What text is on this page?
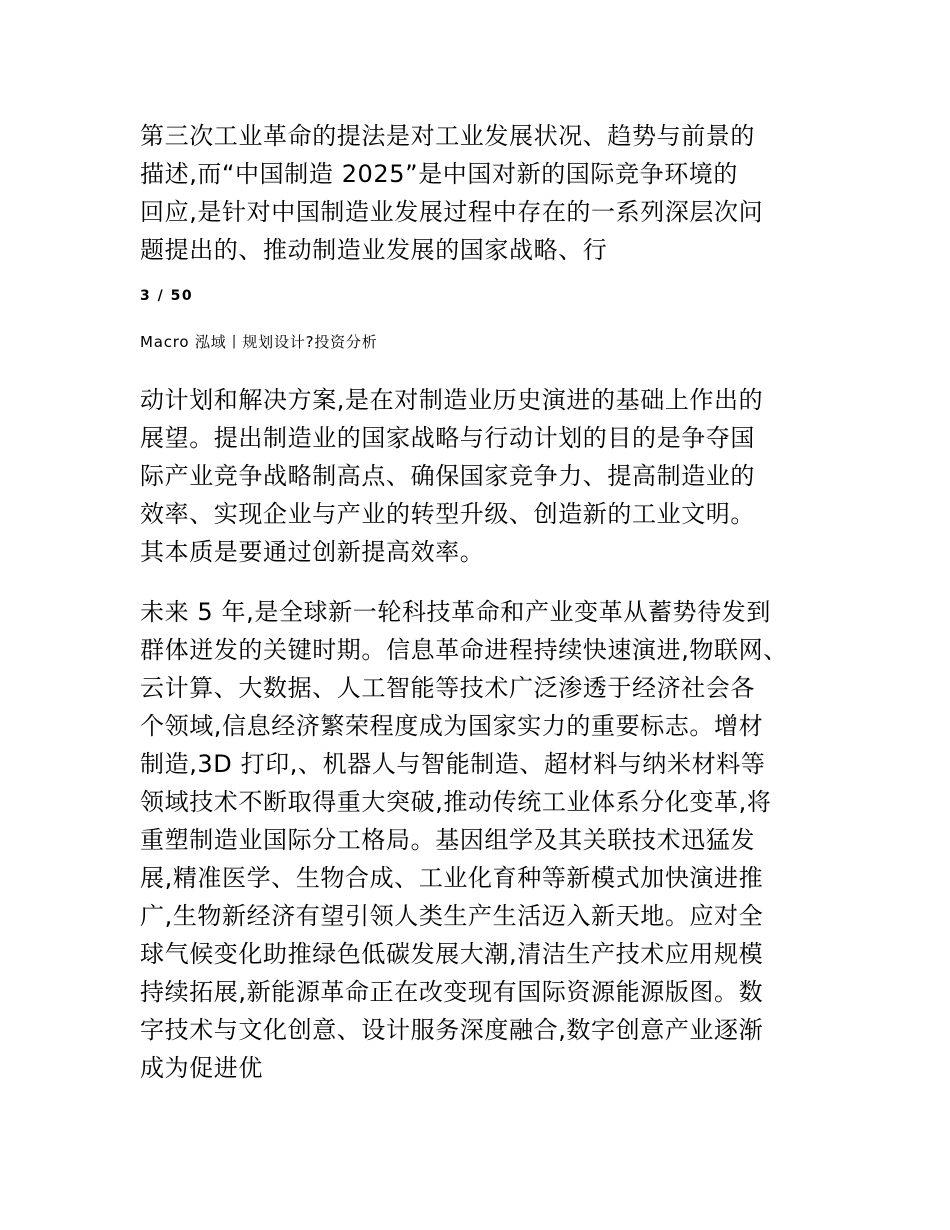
第三次工业革命的提法是对工业发展状况、趋势与前景的
描述,而“中国制造 2025”是中国对新的国际竞争环境的
回应,是针对中国制造业发展过程中存在的一系列深层次问
题提出的、推动制造业发展的国家战略、行

3 / 50
Macro 泓域丨规划设计?投资分析

动计划和解决方案,是在对制造业历史演进的基础上作出的
展望。提出制造业的国家战略与行动计划的目的是争夺国
际产业竞争战略制高点、确保国家竞争力、提高制造业的
效率、实现企业与产业的转型升级、创造新的工业文明。
其本质是要通过创新提高效率。

未来 5 年,是全球新一轮科技革命和产业变革从蓄势待发到
群体迸发的关键时期。信息革命进程持续快速演进,物联网、
云计算、大数据、人工智能等技术广泛渗透于经济社会各
个领域,信息经济繁荣程度成为国家实力的重要标志。增材
制造,3D 打印,、机器人与智能制造、超材料与纳米材料等
领域技术不断取得重大突破,推动传统工业体系分化变革,将
重塑制造业国际分工格局。基因组学及其关联技术迅猛发
展,精准医学、生物合成、工业化育种等新模式加快演进推
广,生物新经济有望引领人类生产生活迈入新天地。应对全
球气候变化助推绿色低碳发展大潮,清洁生产技术应用规模
持续拓展,新能源革命正在改变现有国际资源能源版图。数
字技术与文化创意、设计服务深度融合,数字创意产业逐渐
成为促进优
